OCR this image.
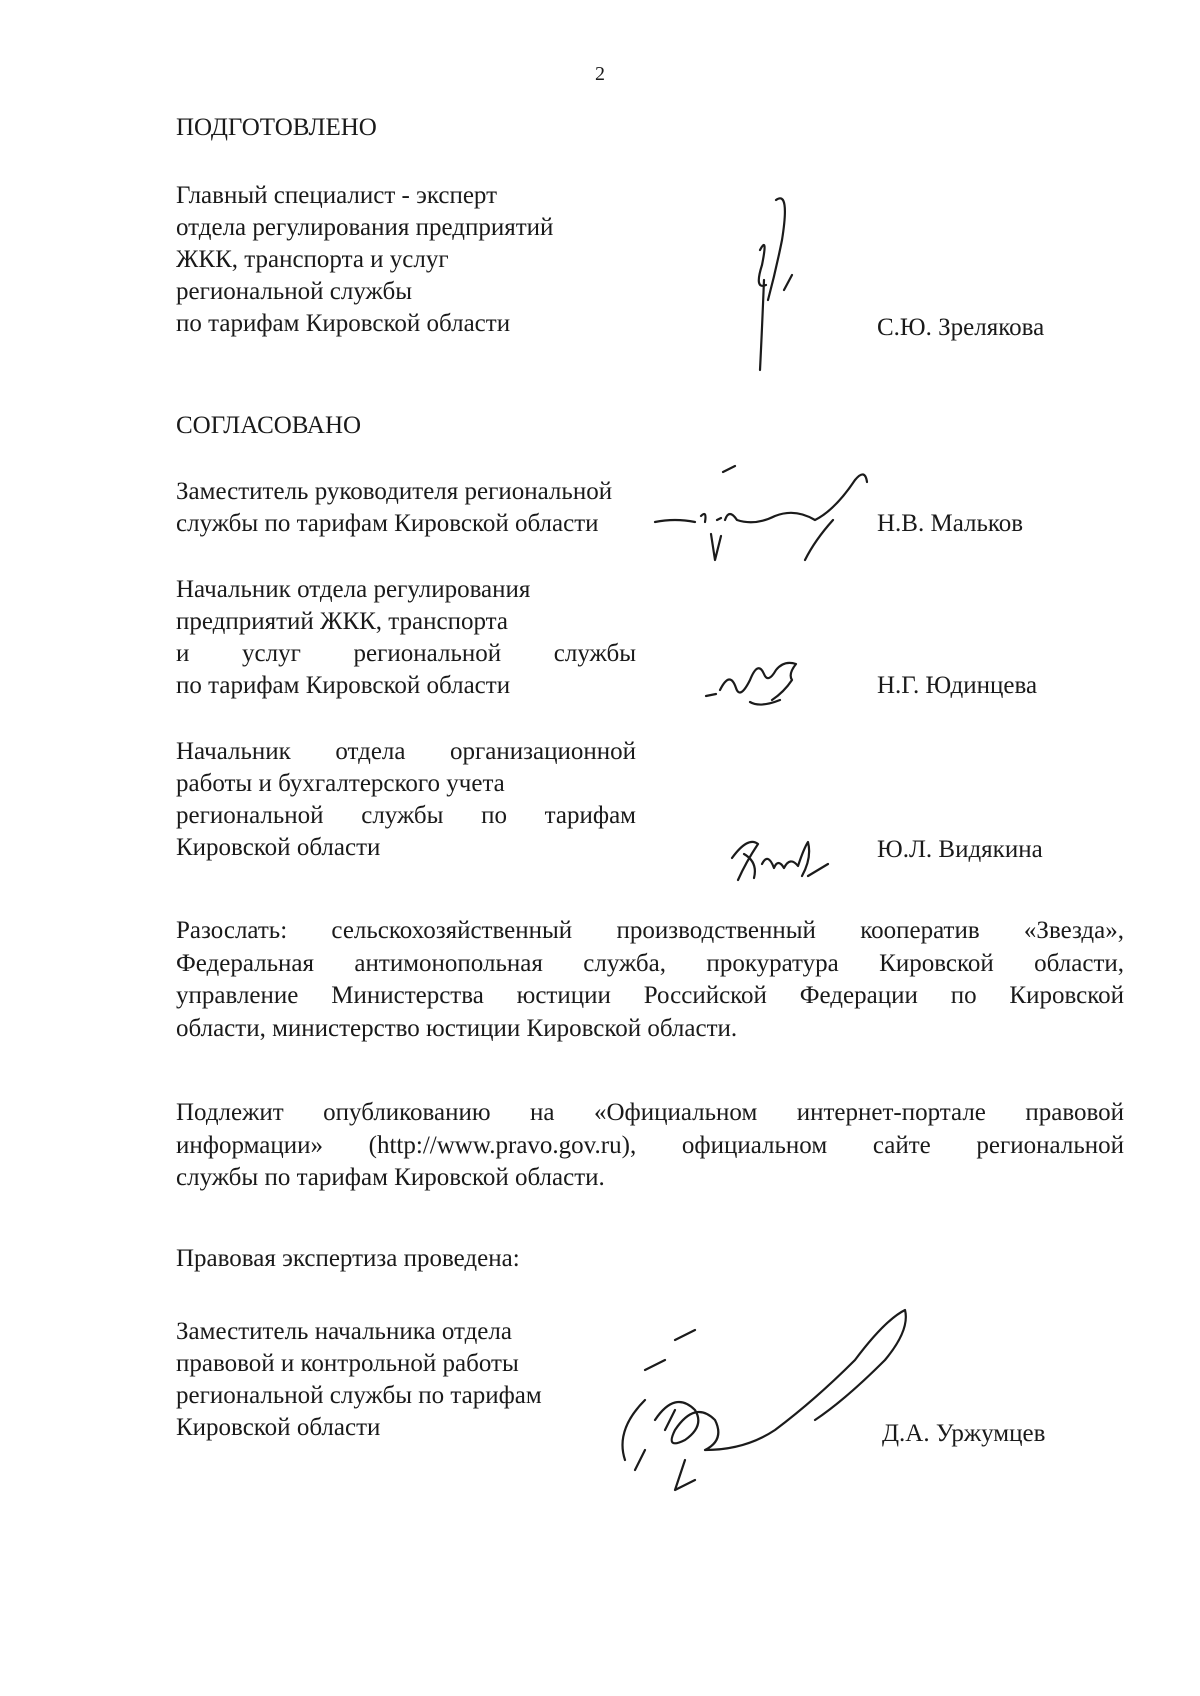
2
ПОДГОТОВЛЕНО
Главный специалист - эксперт
отдела регулирования предприятий
ЖКК, транспорта и услуг
региональной службы
по тарифам Кировской области	С.Ю. Зрелякова
СОГЛАСОВАНО
Заместитель руководителя региональной
службы по тарифам Кировской области	Н.В. Мальков
Начальник отдела регулирования
предприятий ЖКК, транспорта
и услуг региональной службы
по тарифам Кировской области	Н.Г. Юдинцева
Начальник отдела организационной
работы и бухгалтерского учета
региональной службы по тарифам
Кировской области	Ю.Л. Видякина
Разослать: сельскохозяйственный производственный кооператив «Звезда»,
Федеральная антимонопольная служба, прокуратура Кировской области,
управление Министерства юстиции Российской Федерации по Кировской
области, министерство юстиции Кировской области.
Подлежит опубликованию на «Официальном интернет-портале правовой
информации» (http://www.pravo.gov.ru), официальном сайте региональной
службы по тарифам Кировской области.
Правовая экспертиза проведена:
Заместитель начальника отдела
правовой и контрольной работы
региональной службы по тарифам
Кировской области	Д.А. Уржумцев
